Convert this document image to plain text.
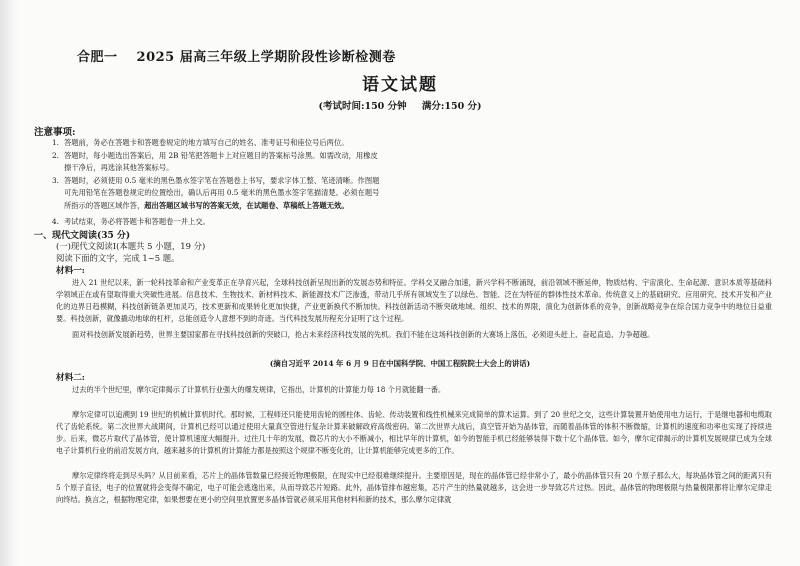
合肥一 2025 届高三年级上学期阶段性诊断检测卷
语文试题
(考试时间:150 分钟 满分:150 分)
注意事项:
1. 答题前，务必在答题卡和答题卷规定的地方填写自己的姓名、准考证号和座位号后两位。
2. 答题时，每小题选出答案后，用 2B 铅笔把答题卡上对应题目的答案标号涂黑。如需改动，用橡皮
擦干净后，再选涂其他答案标号。
3. 答题时，必须使用 0.5 毫米的黑色墨水签字笔在答题卷上书写，要求字体工整、笔迹清晰。作图题
可先用铅笔在答题卷规定的位置绘出，确认后再用 0.5 毫米的黑色墨水签字笔描清楚。必须在题号
所指示的答题区域作答，超出答题区域书写的答案无效，在试题卷、草稿纸上答题无效。
4. 考试结束，务必将答题卡和答题卷一并上交。
一、现代文阅读(35 分)
(一)现代文阅读Ⅰ(本题共 5 小题，19 分)
阅读下面的文字，完成 1~5 题。
材料一:
进入 21 世纪以来，新一轮科技革命和产业变革正在孕育兴起，全球科技创新呈现出新的发展态势和特征。学科交叉融合加速，新兴学科不断涌现，前沿领域不断延伸，物质结构、宇宙演化、生命起源、意识本质等基础科学领域正在或有望取得重大突破性进展。信息技术、生物技术、新材料技术、新能源技术广泛渗透，带动几乎所有领域发生了以绿色、智能、泛在为特征的群体性技术革命。传统意义上的基础研究、应用研究、技术开发和产业化的边界日趋模糊，科技创新链条更加灵巧，技术更新和成果转化更加快捷，产业更新换代不断加快。科技创新活动不断突破地域、组织、技术的界限，演化为创新体系的竞争，创新战略竞争在综合国力竞争中的地位日益重要。科技创新，就像撬动地球的杠杆，总能创造令人意想不到的奇迹。当代科技发展历程充分证明了这个过程。
面对科技创新发展新趋势，世界主要国家都在寻找科技创新的突破口，抢占未来经济科技发展的先机。我们不能在这场科技创新的大赛场上落伍，必须迎头赶上、奋起直追、力争超越。
(摘自习近平 2014 年 6 月 9 日在中国科学院、中国工程院院士大会上的讲话)
材料二:
过去的半个世纪里，摩尔定律揭示了计算机行业强大的爆发规律，它指出，计算机的计算能力每 18 个月就能翻一番。
摩尔定律可以追溯到 19 世纪的机械计算机时代。那时候，工程师还只能使用齿轮的圆柱体、齿轮、传动装置和线性机械来完成简单的算术运算。到了 20 世纪之交，这些计算装置开始使用电力运行，于是继电器和电缆取代了齿轮系统。第二次世界大战期间，计算机已经可以通过使用大量真空管进行复杂计算来破解政府高级密码。第二次世界大战后，真空管开始为晶体管，而随着晶体管的体积不断微缩，计算机的速度和功率也实现了持续进步。后来，微芯片取代了晶体管，使计算机速度大幅提升。过往几十年的发展，微芯片的大小不断减小，相比早年的计算机，如今的智能手机已经能够装得下数十亿个晶体管。如今，摩尔定律揭示的计算机发展规律已成为全球电子计算机行业的前沿发展方向，越来越多的计算机的计算能力都是按照这个规律不断变化的，让计算机能够完成更多的工作。
摩尔定律终将走到尽头吗？从目前来看，芯片上的晶体管数量已经接近物理极限，在现实中已经很难继续提升。主要原因是，现在的晶体管已经非常小了，最小的晶体管只有 20 个原子那么大，每块晶体管之间的距离只有 5 个原子直径，电子的位置就将会变得不确定，电子可能会逃逸出来，从而导致芯片短路。此外，晶体管排布越密集，芯片产生的热量就越多，这会进一步导致芯片过热。因此，晶体管的物理极限与热量极限都将让摩尔定律走向终结。换言之，根据物理定律，如果想要在更小的空间里放置更多晶体管就必须采用其他材料和新的技术，那么摩尔定律就
